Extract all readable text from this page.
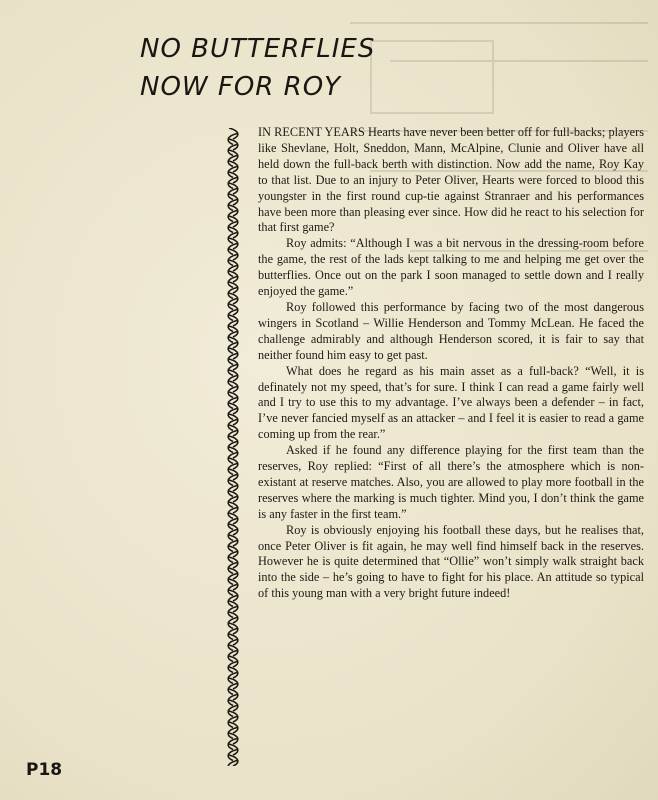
NO BUTTERFLIES
NOW FOR ROY

IN RECENT YEARS Hearts have never been better off for full-backs; players like Shevlane, Holt, Sneddon, Mann, McAlpine, Clunie and Oliver have all held down the full-back berth with distinction. Now add the name, Roy Kay to that list. Due to an injury to Peter Oliver, Hearts were forced to blood this youngster in the first round cup-tie against Stranraer and his performances have been more than pleasing ever since. How did he react to his selection for that first game?

Roy admits: “Although I was a bit nervous in the dressing-room before the game, the rest of the lads kept talking to me and helping me get over the butterflies. Once out on the park I soon managed to settle down and I really enjoyed the game.”

Roy followed this performance by facing two of the most dangerous wingers in Scotland – Willie Henderson and Tommy McLean. He faced the challenge admirably and although Henderson scored, it is fair to say that neither found him easy to get past.

What does he regard as his main asset as a full-back? “Well, it is definately not my speed, that’s for sure. I think I can read a game fairly well and I try to use this to my advantage. I’ve always been a defender – in fact, I’ve never fancied myself as an attacker – and I feel it is easier to read a game coming up from the rear.”

Asked if he found any difference playing for the first team than the reserves, Roy replied: “First of all there’s the atmosphere which is non-existant at reserve matches. Also, you are allowed to play more football in the reserves where the marking is much tighter. Mind you, I don’t think the game is any faster in the first team.”

Roy is obviously enjoying his football these days, but he realises that, once Peter Oliver is fit again, he may well find himself back in the reserves. However he is quite determined that “Ollie” won’t simply walk straight back into the side – he’s going to have to fight for his place. An attitude so typical of this young man with a very bright future indeed!

P18
